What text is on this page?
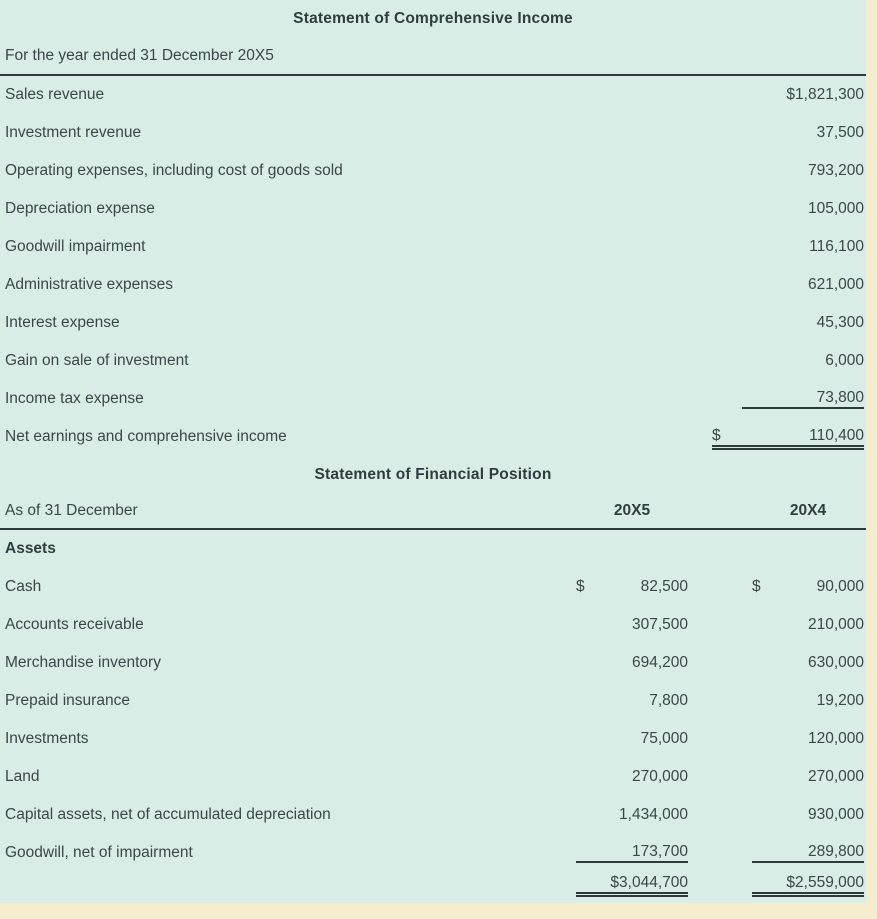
Statement of Comprehensive Income
For the year ended 31 December 20X5
Sales revenue	$1,821,300
Investment revenue	37,500
Operating expenses, including cost of goods sold	793,200
Depreciation expense	105,000
Goodwill impairment	116,100
Administrative expenses	621,000
Interest expense	45,300
Gain on sale of investment	6,000
Income tax expense	73,800
Net earnings and comprehensive income	$	110,400
Statement of Financial Position
As of 31 December	20X5	20X4
Assets
Cash	$	82,500	$	90,000
Accounts receivable	307,500	210,000
Merchandise inventory	694,200	630,000
Prepaid insurance	7,800	19,200
Investments	75,000	120,000
Land	270,000	270,000
Capital assets, net of accumulated depreciation	1,434,000	930,000
Goodwill, net of impairment	173,700	289,800
$3,044,700	$2,559,000
